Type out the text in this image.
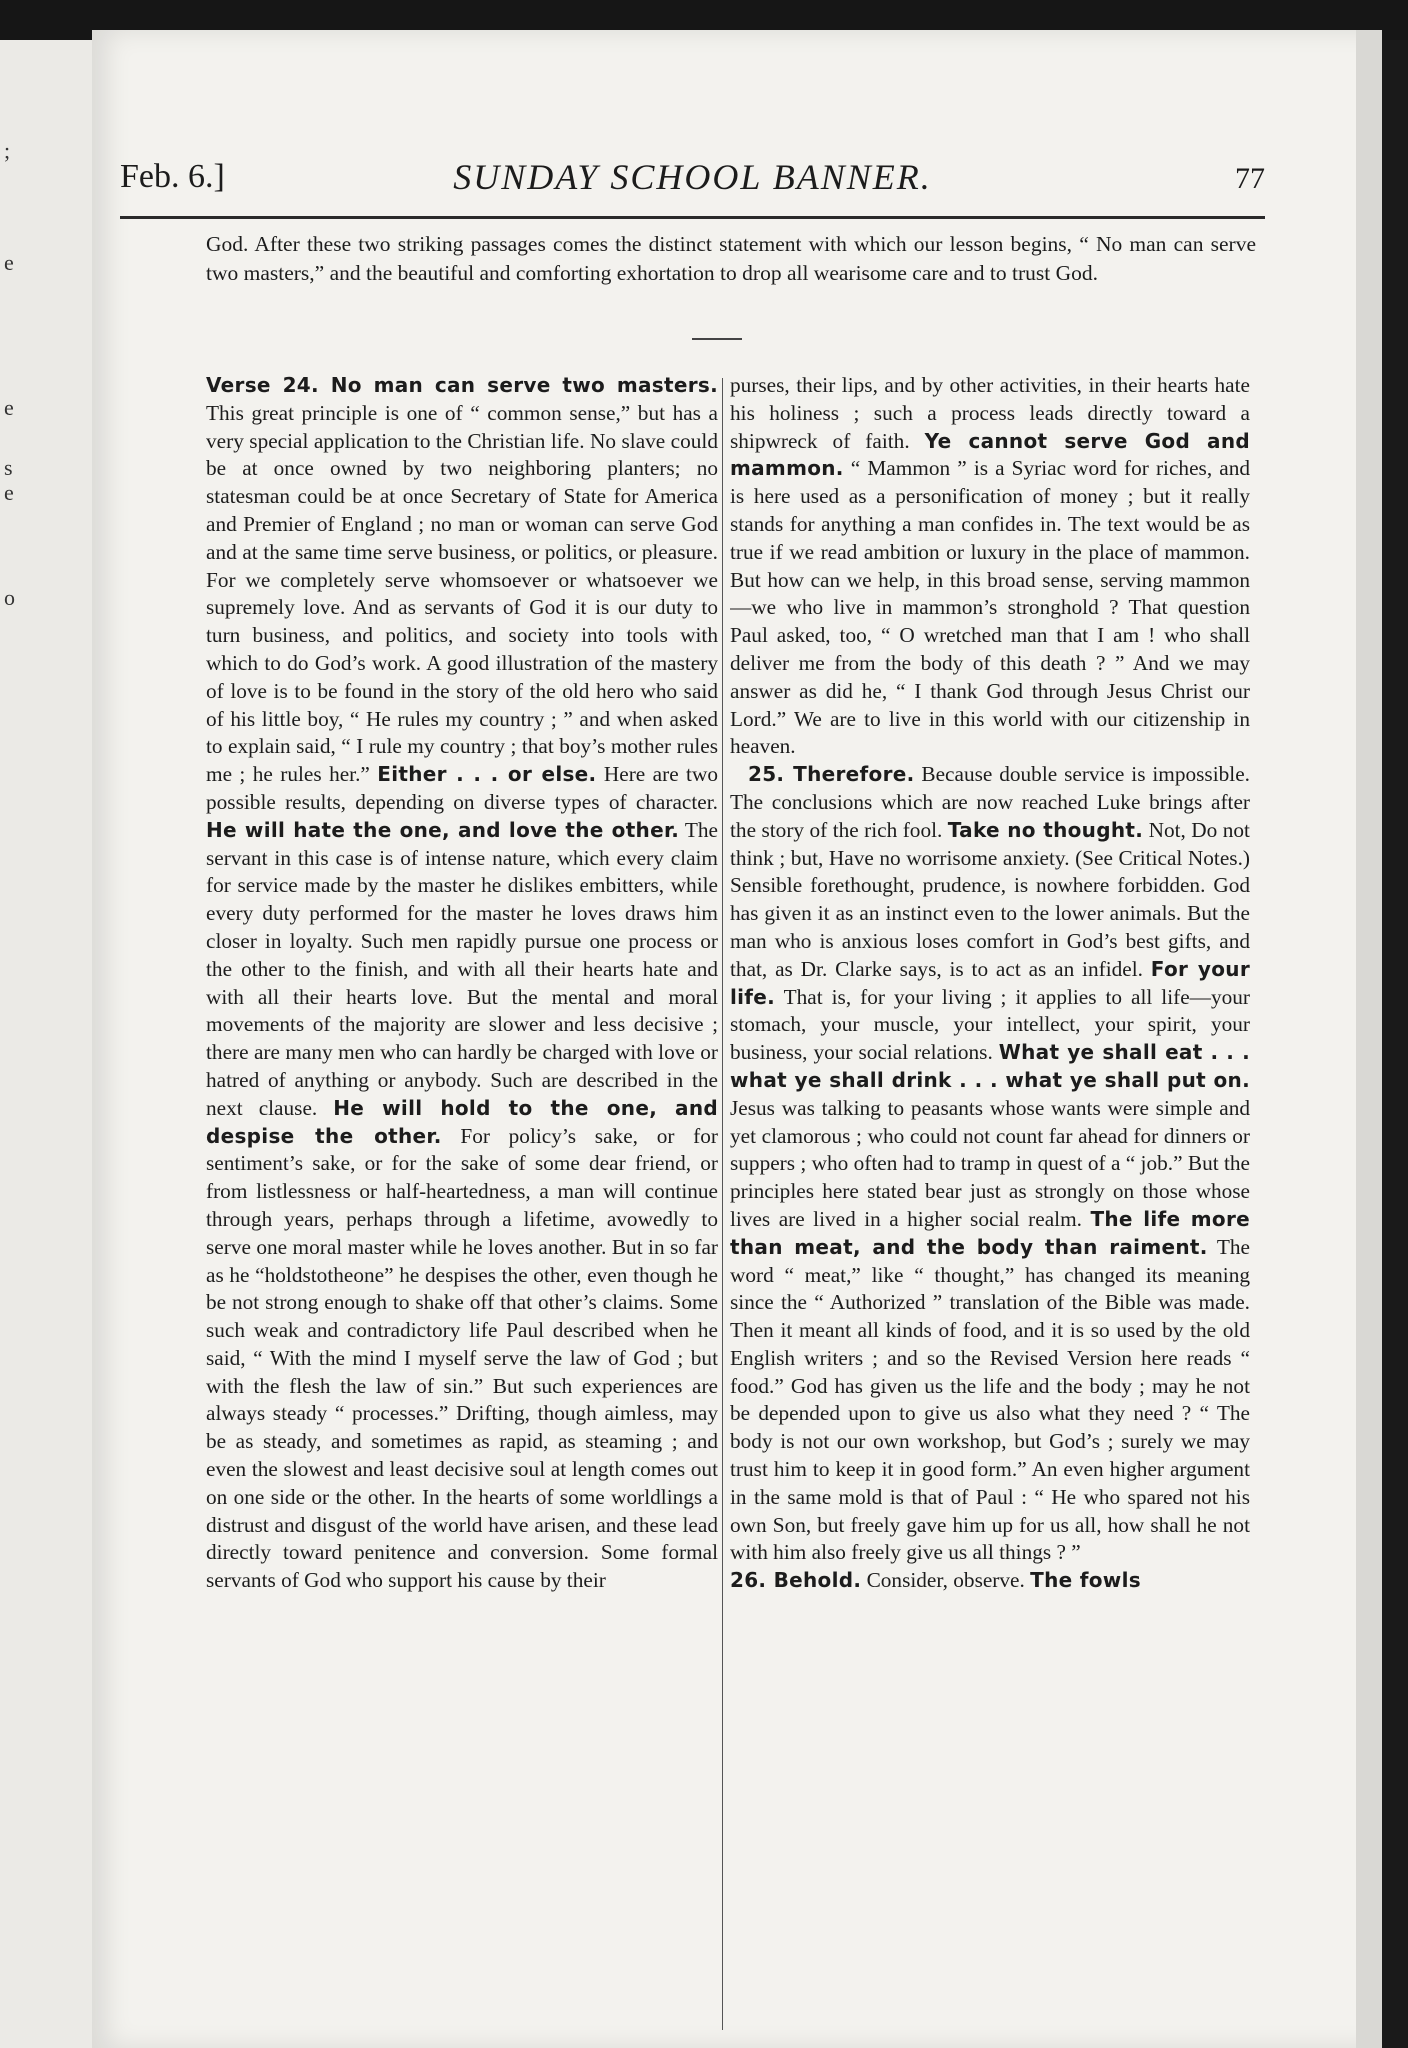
;
e
e
s
e
o
Feb. 6.]	SUNDAY SCHOOL BANNER.	77
God. After these two striking passages comes the distinct statement with which our lesson begins, “ No man can serve two masters,” and the beautiful and comforting exhortation to drop all wearisome care and to trust God.

Verse 24. No man can serve two masters. This great principle is one of “ common sense,” but has a very special application to the Christian life. No slave could be at once owned by two neighboring planters; no statesman could be at once Secretary of State for America and Premier of England ; no man or woman can serve God and at the same time serve business, or politics, or pleasure. For we completely serve whomsoever or whatsoever we supremely love. And as servants of God it is our duty to turn business, and politics, and society into tools with which to do God’s work. A good illustration of the mastery of love is to be found in the story of the old hero who said of his little boy, “ He rules my country ; ” and when asked to explain said, “ I rule my country ; that boy’s mother rules me ; he rules her.” Either . . . or else. Here are two possible results, depending on diverse types of character. He will hate the one, and love the other. The servant in this case is of intense nature, which every claim for service made by the master he dislikes embitters, while every duty performed for the master he loves draws him closer in loyalty. Such men rapidly pursue one process or the other to the finish, and with all their hearts hate and with all their hearts love. But the mental and moral movements of the majority are slower and less decisive ; there are many men who can hardly be charged with love or hatred of anything or anybody. Such are described in the next clause. He will hold to the one, and despise the other. For policy’s sake, or for sentiment’s sake, or for the sake of some dear friend, or from listlessness or half-heartedness, a man will continue through years, perhaps through a lifetime, avowedly to serve one moral master while he loves another. But in so far as he “holdstotheone” he despises the other, even though he be not strong enough to shake off that other’s claims. Some such weak and contradictory life Paul described when he said, “ With the mind I myself serve the law of God ; but with the flesh the law of sin.” But such experiences are always steady “ processes.” Drifting, though aimless, may be as steady, and sometimes as rapid, as steaming ; and even the slowest and least decisive soul at length comes out on one side or the other. In the hearts of some worldlings a distrust and disgust of the world have arisen, and these lead directly toward penitence and conversion. Some formal servants of God who support his cause by their

purses, their lips, and by other activities, in their hearts hate his holiness ; such a process leads directly toward a shipwreck of faith. Ye cannot serve God and mammon. “ Mammon ” is a Syriac word for riches, and is here used as a personification of money ; but it really stands for anything a man confides in. The text would be as true if we read ambition or luxury in the place of mammon. But how can we help, in this broad sense, serving mammon—we who live in mammon’s stronghold ? That question Paul asked, too, “ O wretched man that I am ! who shall deliver me from the body of this death ? ” And we may answer as did he, “ I thank God through Jesus Christ our Lord.” We are to live in this world with our citizenship in heaven.

25. Therefore. Because double service is impossible. The conclusions which are now reached Luke brings after the story of the rich fool. Take no thought. Not, Do not think ; but, Have no worrisome anxiety. (See Critical Notes.) Sensible forethought, prudence, is nowhere forbidden. God has given it as an instinct even to the lower animals. But the man who is anxious loses comfort in God’s best gifts, and that, as Dr. Clarke says, is to act as an infidel. For your life. That is, for your living ; it applies to all life—your stomach, your muscle, your intellect, your spirit, your business, your social relations. What ye shall eat . . . what ye shall drink . . . what ye shall put on. Jesus was talking to peasants whose wants were simple and yet clamorous ; who could not count far ahead for dinners or suppers ; who often had to tramp in quest of a “ job.” But the principles here stated bear just as strongly on those whose lives are lived in a higher social realm. The life more than meat, and the body than raiment. The word “ meat,” like “ thought,” has changed its meaning since the “ Authorized ” translation of the Bible was made. Then it meant all kinds of food, and it is so used by the old English writers ; and so the Revised Version here reads “ food.” God has given us the life and the body ; may he not be depended upon to give us also what they need ? “ The body is not our own workshop, but God’s ; surely we may trust him to keep it in good form.” An even higher argument in the same mold is that of Paul : “ He who spared not his own Son, but freely gave him up for us all, how shall he not with him also freely give us all things ? ”

26. Behold. Consider, observe. The fowls
